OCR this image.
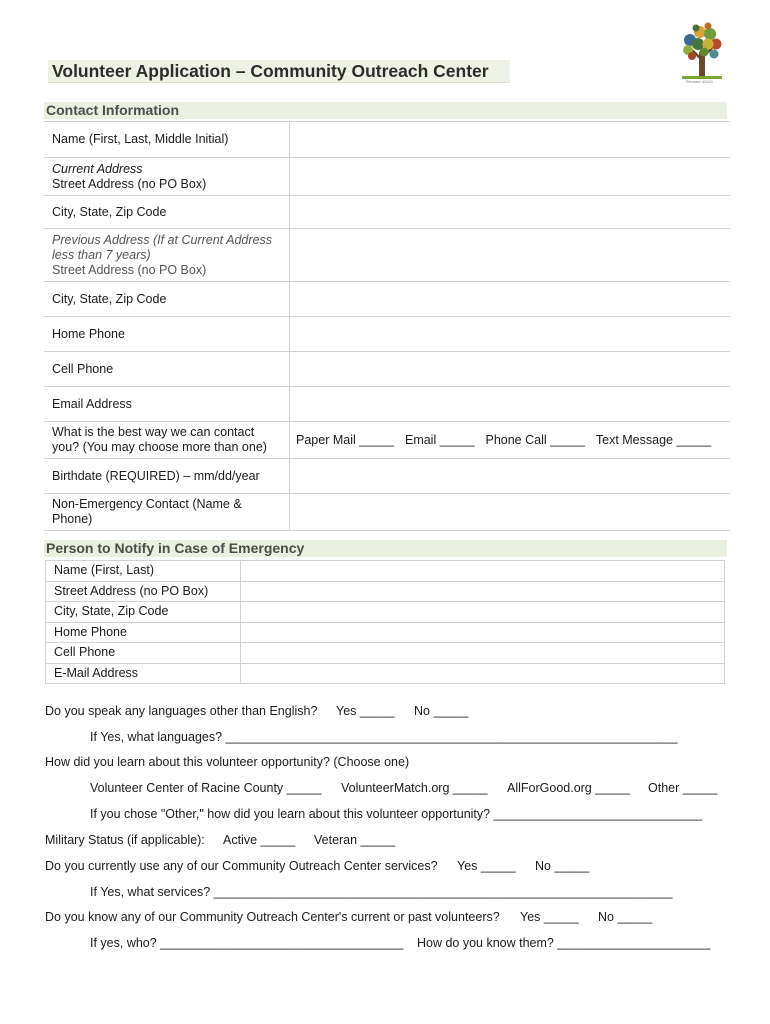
Volunteer Application – Community Outreach Center
Revised 4/1/20
Contact Information
Name (First, Last, Middle Initial)	

Current Address
Street Address (no PO Box)	

City, State, Zip Code	

Previous Address (If at Current Address
less than 7 years)
Street Address (no PO Box)	

City, State, Zip Code	

Home Phone	

Cell Phone	

Email Address	

What is the best way we can contact
you? (You may choose more than one)	Paper Mail _____ Email _____ Phone Call _____ Text Message _____

Birthdate (REQUIRED) – mm/dd/year	

Non-Emergency Contact (Name &
Phone)	

Person to Notify in Case of Emergency
Name (First, Last)	
Street Address (no PO Box)	
City, State, Zip Code	
Home Phone	
Cell Phone	
E-Mail Address	
Do you speak any languages other than English? Yes _____ No _____
If Yes, what languages? _________________________________________________________________
How did you learn about this volunteer opportunity? (Choose one)
Volunteer Center of Racine County _____ VolunteerMatch.org _____ AllForGood.org _____ Other _____
If you chose "Other," how did you learn about this volunteer opportunity? ______________________________
Military Status (if applicable): Active _____ Veteran _____
Do you currently use any of our Community Outreach Center services? Yes _____ No _____
If Yes, what services? __________________________________________________________________
Do you know any of our Community Outreach Center's current or past volunteers? Yes _____ No _____
If yes, who? ___________________________________ How do you know them? ______________________
